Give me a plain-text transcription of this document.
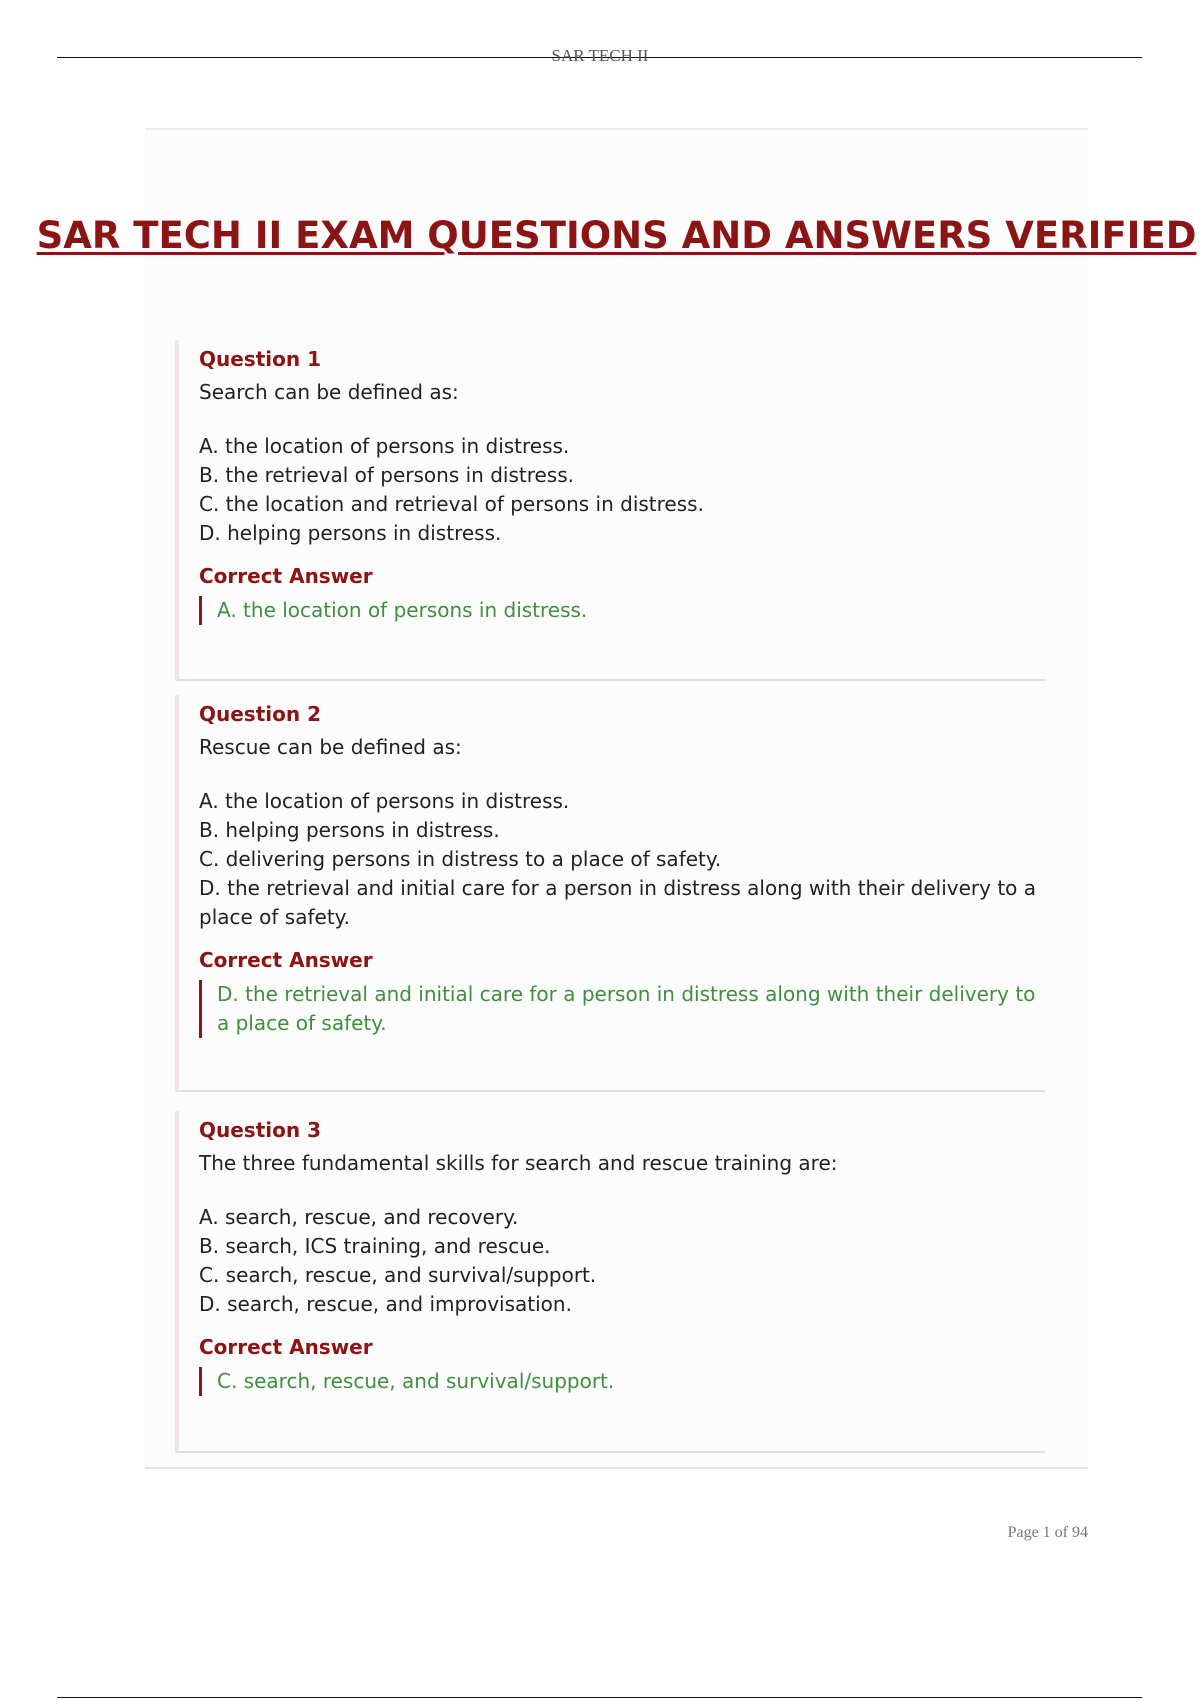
SAR TECH II
SAR TECH II EXAM QUESTIONS AND ANSWERS VERIFIED
Question 1
Search can be defined as:
A. the location of persons in distress.
B. the retrieval of persons in distress.
C. the location and retrieval of persons in distress.
D. helping persons in distress.
Correct Answer
A. the location of persons in distress.
Question 2
Rescue can be defined as:
A. the location of persons in distress.
B. helping persons in distress.
C. delivering persons in distress to a place of safety.
D. the retrieval and initial care for a person in distress along with their delivery to a place of safety.
Correct Answer
D. the retrieval and initial care for a person in distress along with their delivery to a place of safety.
Question 3
The three fundamental skills for search and rescue training are:
A. search, rescue, and recovery.
B. search, ICS training, and rescue.
C. search, rescue, and survival/support.
D. search, rescue, and improvisation.
Correct Answer
C. search, rescue, and survival/support.
Page 1 of 94
